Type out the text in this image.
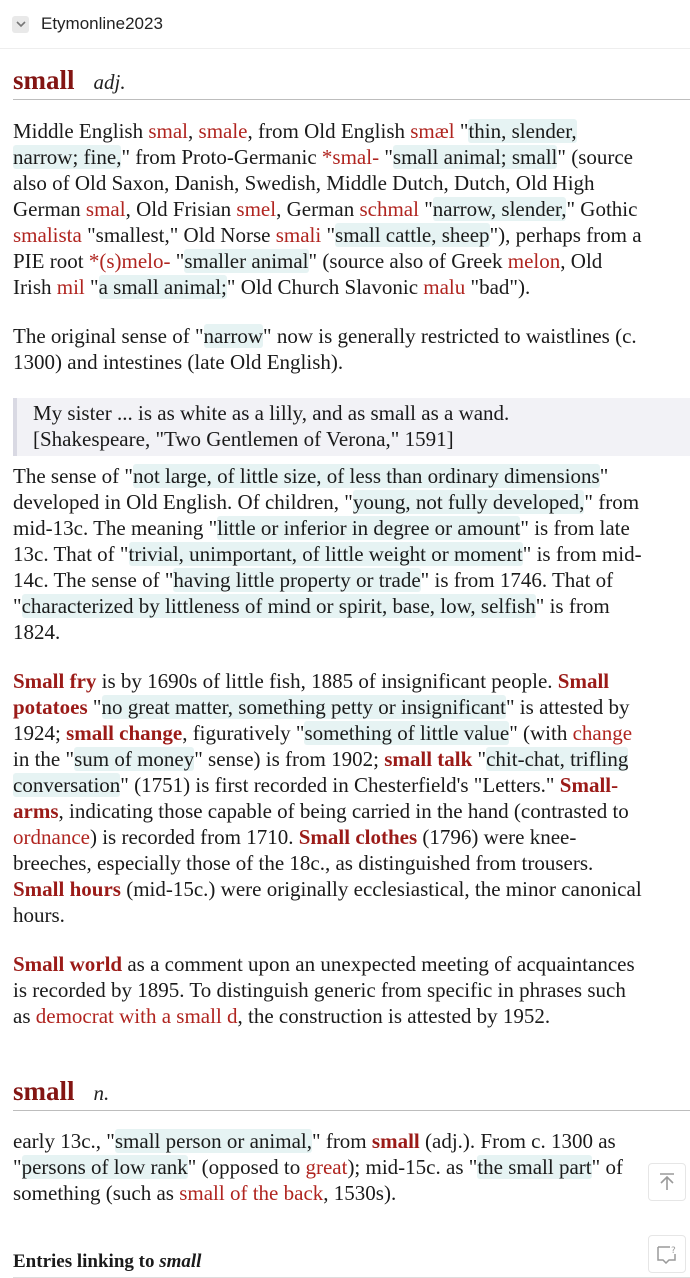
Etymonline2023
small adj.

Middle English smal, smale, from Old English smæl "thin, slender,

narrow; fine," from Proto-Germanic *smal- "small animal; small" (source

also of Old Saxon, Danish, Swedish, Middle Dutch, Dutch, Old High

German smal, Old Frisian smel, German schmal "narrow, slender," Gothic

smalista "smallest," Old Norse smali "small cattle, sheep"), perhaps from a

PIE root *(s)melo- "smaller animal" (source also of Greek melon, Old

Irish mil "a small animal;" Old Church Slavonic malu "bad").

The original sense of "narrow" now is generally restricted to waistlines (c.

1300) and intestines (late Old English).

My sister ... is as white as a lilly, and as small as a wand.

[Shakespeare, "Two Gentlemen of Verona," 1591]

The sense of "not large, of little size, of less than ordinary dimensions"

developed in Old English. Of children, "young, not fully developed," from

mid-13c. The meaning "little or inferior in degree or amount" is from late

13c. That of "trivial, unimportant, of little weight or moment" is from mid-

14c. The sense of "having little property or trade" is from 1746. That of

"characterized by littleness of mind or spirit, base, low, selfish" is from

1824.

Small fry is by 1690s of little fish, 1885 of insignificant people. Small

potatoes "no great matter, something petty or insignificant" is attested by

1924; small change, figuratively "something of little value" (with change

in the "sum of money" sense) is from 1902; small talk "chit-chat, trifling

conversation" (1751) is first recorded in Chesterfield's "Letters." Small-

arms, indicating those capable of being carried in the hand (contrasted to

ordnance) is recorded from 1710. Small clothes (1796) were knee-

breeches, especially those of the 18c., as distinguished from trousers.

Small hours (mid-15c.) were originally ecclesiastical, the minor canonical

hours.

Small world as a comment upon an unexpected meeting of acquaintances

is recorded by 1895. To distinguish generic from specific in phrases such

as democrat with a small d, the construction is attested by 1952.

small n.

early 13c., "small person or animal," from small (adj.). From c. 1300 as

"persons of low rank" (opposed to great); mid-15c. as "the small part" of

something (such as small of the back, 1530s).

Entries linking to small	?
